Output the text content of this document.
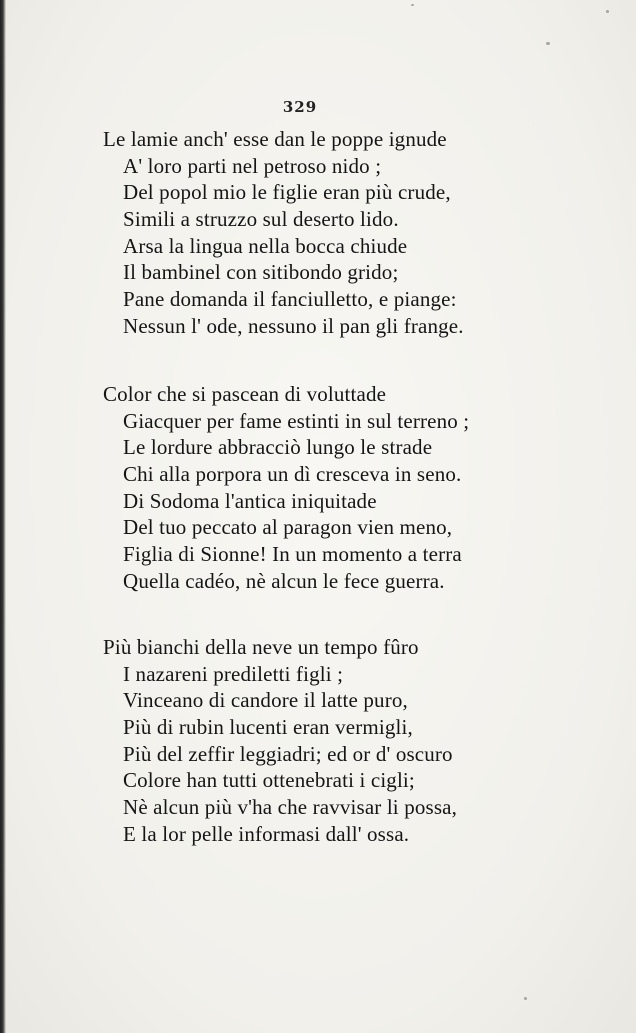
329
Le lamie anch' esse dan le poppe ignude
A' loro parti nel petroso nido ;
Del popol mio le figlie eran più crude,
Simili a struzzo sul deserto lido.
Arsa la lingua nella bocca chiude
Il bambinel con sitibondo grido;
Pane domanda il fanciulletto, e piange:
Nessun l' ode, nessuno il pan gli frange.
Color che si pascean di voluttade
Giacquer per fame estinti in sul terreno ;
Le lordure abbracciò lungo le strade
Chi alla porpora un dì cresceva in seno.
Di Sodoma l'antica iniquitade
Del tuo peccato al paragon vien meno,
Figlia di Sionne! In un momento a terra
Quella cadéo, nè alcun le fece guerra.
Più bianchi della neve un tempo fûro
I nazareni prediletti figli ;
Vinceano di candore il latte puro,
Più di rubin lucenti eran vermigli,
Più del zeffir leggiadri; ed or d' oscuro
Colore han tutti ottenebrati i cigli;
Nè alcun più v'ha che ravvisar li possa,
E la lor pelle informasi dall' ossa.
